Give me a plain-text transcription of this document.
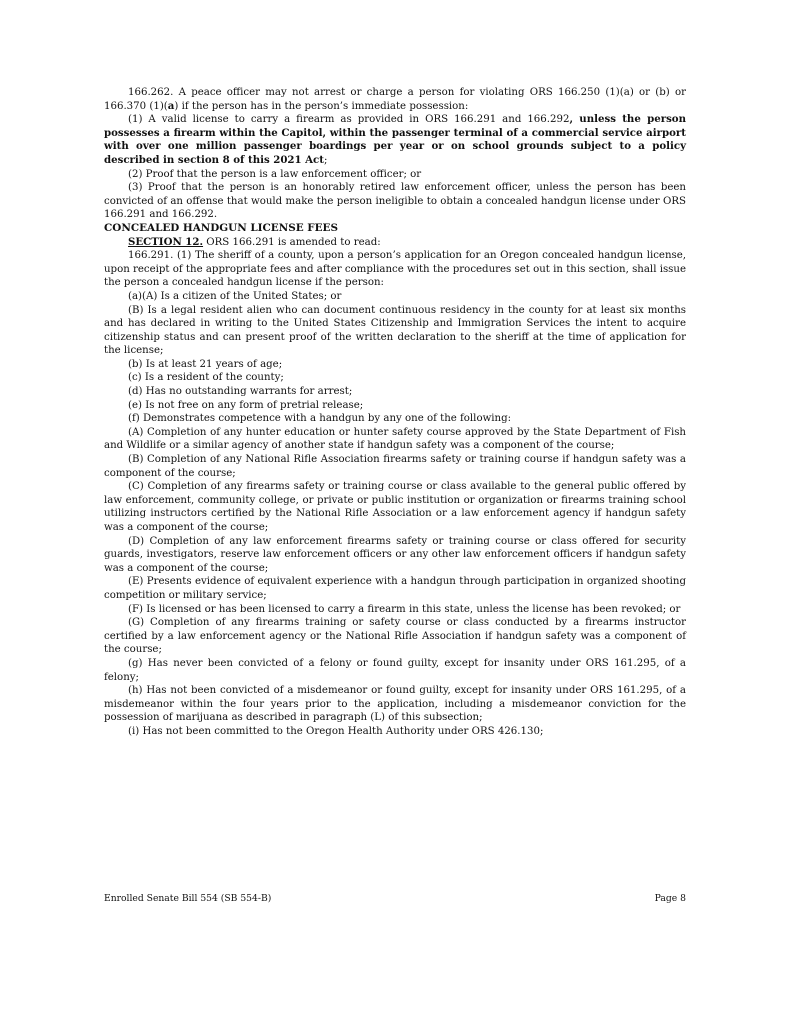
166.262. A peace officer may not arrest or charge a person for violating ORS 166.250 (1)(a) or (b) or 166.370 (1)(a) if the person has in the person’s immediate possession:

(1) A valid license to carry a firearm as provided in ORS 166.291 and 166.292, unless the person possesses a firearm within the Capitol, within the passenger terminal of a commercial service airport with over one million passenger boardings per year or on school grounds subject to a policy described in section 8 of this 2021 Act;

(2) Proof that the person is a law enforcement officer; or

(3) Proof that the person is an honorably retired law enforcement officer, unless the person has been convicted of an offense that would make the person ineligible to obtain a concealed handgun license under ORS 166.291 and 166.292.

CONCEALED HANDGUN LICENSE FEES

SECTION 12. ORS 166.291 is amended to read:

166.291. (1) The sheriff of a county, upon a person’s application for an Oregon concealed handgun license, upon receipt of the appropriate fees and after compliance with the procedures set out in this section, shall issue the person a concealed handgun license if the person:

(a)(A) Is a citizen of the United States; or

(B) Is a legal resident alien who can document continuous residency in the county for at least six months and has declared in writing to the United States Citizenship and Immigration Services the intent to acquire citizenship status and can present proof of the written declaration to the sheriff at the time of application for the license;

(b) Is at least 21 years of age;

(c) Is a resident of the county;

(d) Has no outstanding warrants for arrest;

(e) Is not free on any form of pretrial release;

(f) Demonstrates competence with a handgun by any one of the following:

(A) Completion of any hunter education or hunter safety course approved by the State Department of Fish and Wildlife or a similar agency of another state if handgun safety was a component of the course;

(B) Completion of any National Rifle Association firearms safety or training course if handgun safety was a component of the course;

(C) Completion of any firearms safety or training course or class available to the general public offered by law enforcement, community college, or private or public institution or organization or firearms training school utilizing instructors certified by the National Rifle Association or a law enforcement agency if handgun safety was a component of the course;

(D) Completion of any law enforcement firearms safety or training course or class offered for security guards, investigators, reserve law enforcement officers or any other law enforcement officers if handgun safety was a component of the course;

(E) Presents evidence of equivalent experience with a handgun through participation in organized shooting competition or military service;

(F) Is licensed or has been licensed to carry a firearm in this state, unless the license has been revoked; or

(G) Completion of any firearms training or safety course or class conducted by a firearms instructor certified by a law enforcement agency or the National Rifle Association if handgun safety was a component of the course;

(g) Has never been convicted of a felony or found guilty, except for insanity under ORS 161.295, of a felony;

(h) Has not been convicted of a misdemeanor or found guilty, except for insanity under ORS 161.295, of a misdemeanor within the four years prior to the application, including a misdemeanor conviction for the possession of marijuana as described in paragraph (L) of this subsection;

(i) Has not been committed to the Oregon Health Authority under ORS 426.130;

Enrolled Senate Bill 554 (SB 554-B)	Page 8
